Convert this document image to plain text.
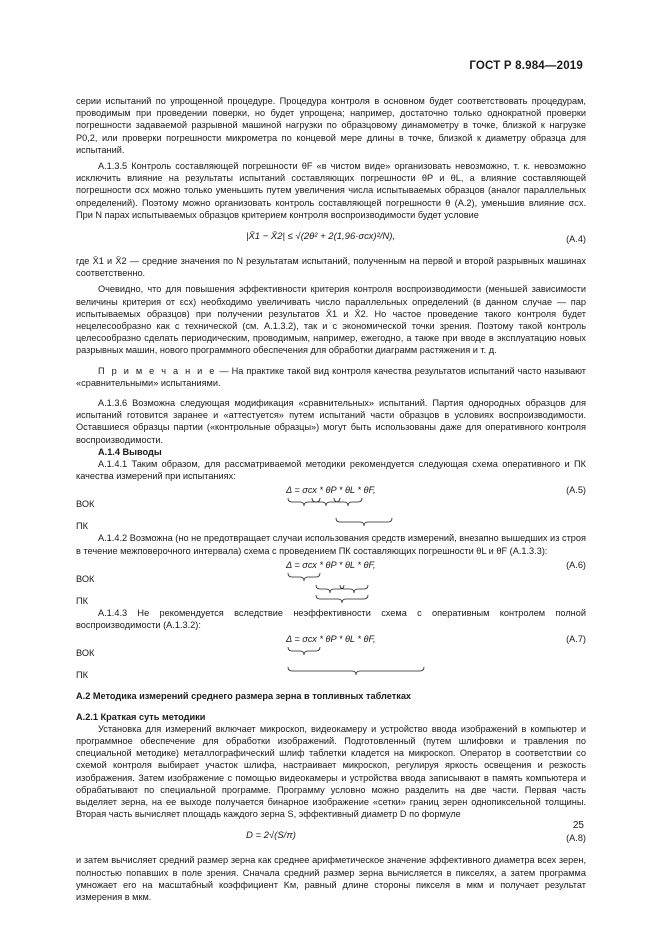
ГОСТ Р 8.984—2019

серии испытаний по упрощенной процедуре. Процедура контроля в основном будет соответствовать процедурам, проводимым при проведении поверки, но будет упрощена; например, достаточно только однократной проверки погрешности задаваемой разрывной машиной нагрузки по образцовому динамометру в точке, близкой к нагрузке P0,2, или проверки погрешности микрометра по концевой мере длины в точке, близкой к диаметру образца для испытаний.

А.1.3.5 Контроль составляющей погрешности θF «в чистом виде» организовать невозможно, т. к. невозможно исключить влияние на результаты испытаний составляющих погрешности θP и θL, а влияние составляющей погрешности σсх можно только уменьшить путем увеличения числа испытываемых образцов (аналог параллельных определений). Поэтому можно организовать контроль составляющей погрешности θ (А.2), уменьшив влияние σсх. При N парах испытываемых образцов критерием контроля воспроизводимости будет условие

|X̄1 − X̄2| ≤ √(2θ² + 2(1,96·σсх)²/N),	(А.4)

где X̄1 и X̄2 — средние значения по N результатам испытаний, полученным на первой и второй разрывных машинах соответственно.

Очевидно, что для повышения эффективности критерия контроля воспроизводимости (меньшей зависимости величины критерия от εсх) необходимо увеличивать число параллельных определений (в данном случае — пар испытываемых образцов) при получении результатов X̄1 и X̄2. Но частое проведение такого контроля будет нецелесообразно как с технической (см. А.1.3.2), так и с экономической точки зрения. Поэтому такой контроль целесообразно сделать периодическим, проводимым, например, ежегодно, а также при вводе в эксплуатацию новых разрывных машин, нового программного обеспечения для обработки диаграмм растяжения и т. д.

П р и м е ч а н и е — На практике такой вид контроля качества результатов испытаний часто называют «сравнительными» испытаниями.

А.1.3.6 Возможна следующая модификация «сравнительных» испытаний. Партия однородных образцов для испытаний готовится заранее и «аттестуется» путем испытаний части образцов в условиях воспроизводимости. Оставшиеся образцы партии («контрольные образцы») могут быть использованы даже для оперативного контроля воспроизводимости.

А.1.4 Выводы

А.1.4.1 Таким образом, для рассматриваемой методики рекомендуется следующая схема оперативного и ПК качества измерений при испытаниях:

Δ = σсх * θP * θL * θF,	(А.5)
ВОК
ПК

А.1.4.2 Возможна (но не предотвращает случаи использования средств измерений, внезапно вышедших из строя в течение межповерочного интервала) схема с проведением ПК составляющих погрешности θL и θF (А.1.3.3):

Δ = σсх * θP * θL * θF,	(А.6)
ВОК
ПК

А.1.4.3 Не рекомендуется вследствие неэффективности схема с оперативным контролем полной воспроизводимости (А.1.3.2):

Δ = σсх * θP * θL * θF,	(А.7)
ВОК
ПК

А.2 Методика измерений среднего размера зерна в топливных таблетках

А.2.1 Краткая суть методики

Установка для измерений включает микроскоп, видеокамеру и устройство ввода изображений в компьютер и программное обеспечение для обработки изображений. Подготовленный (путем шлифовки и травления по специальной методике) металлографический шлиф таблетки кладется на микроскоп. Оператор в соответствии со схемой контроля выбирает участок шлифа, настраивает микроскоп, регулируя яркость освещения и резкость изображения. Затем изображение с помощью видеокамеры и устройства ввода записывают в память компьютера и обрабатывают по специальной программе. Программу условно можно разделить на две части. Первая часть выделяет зерна, на ее выходе получается бинарное изображение «сетки» границ зерен однопиксельной толщины. Вторая часть вычисляет площадь каждого зерна S, эффективный диаметр D по формуле

D = 2√(S/π)	(А.8)

и затем вычисляет средний размер зерна как среднее арифметическое значение эффективного диаметра всех зерен, полностью попавших в поле зрения. Сначала средний размер зерна вычисляется в пикселях, а затем программа умножает его на масштабный коэффициент Kм, равный длине стороны пикселя в мкм и получает результат измерения в мкм.

25
